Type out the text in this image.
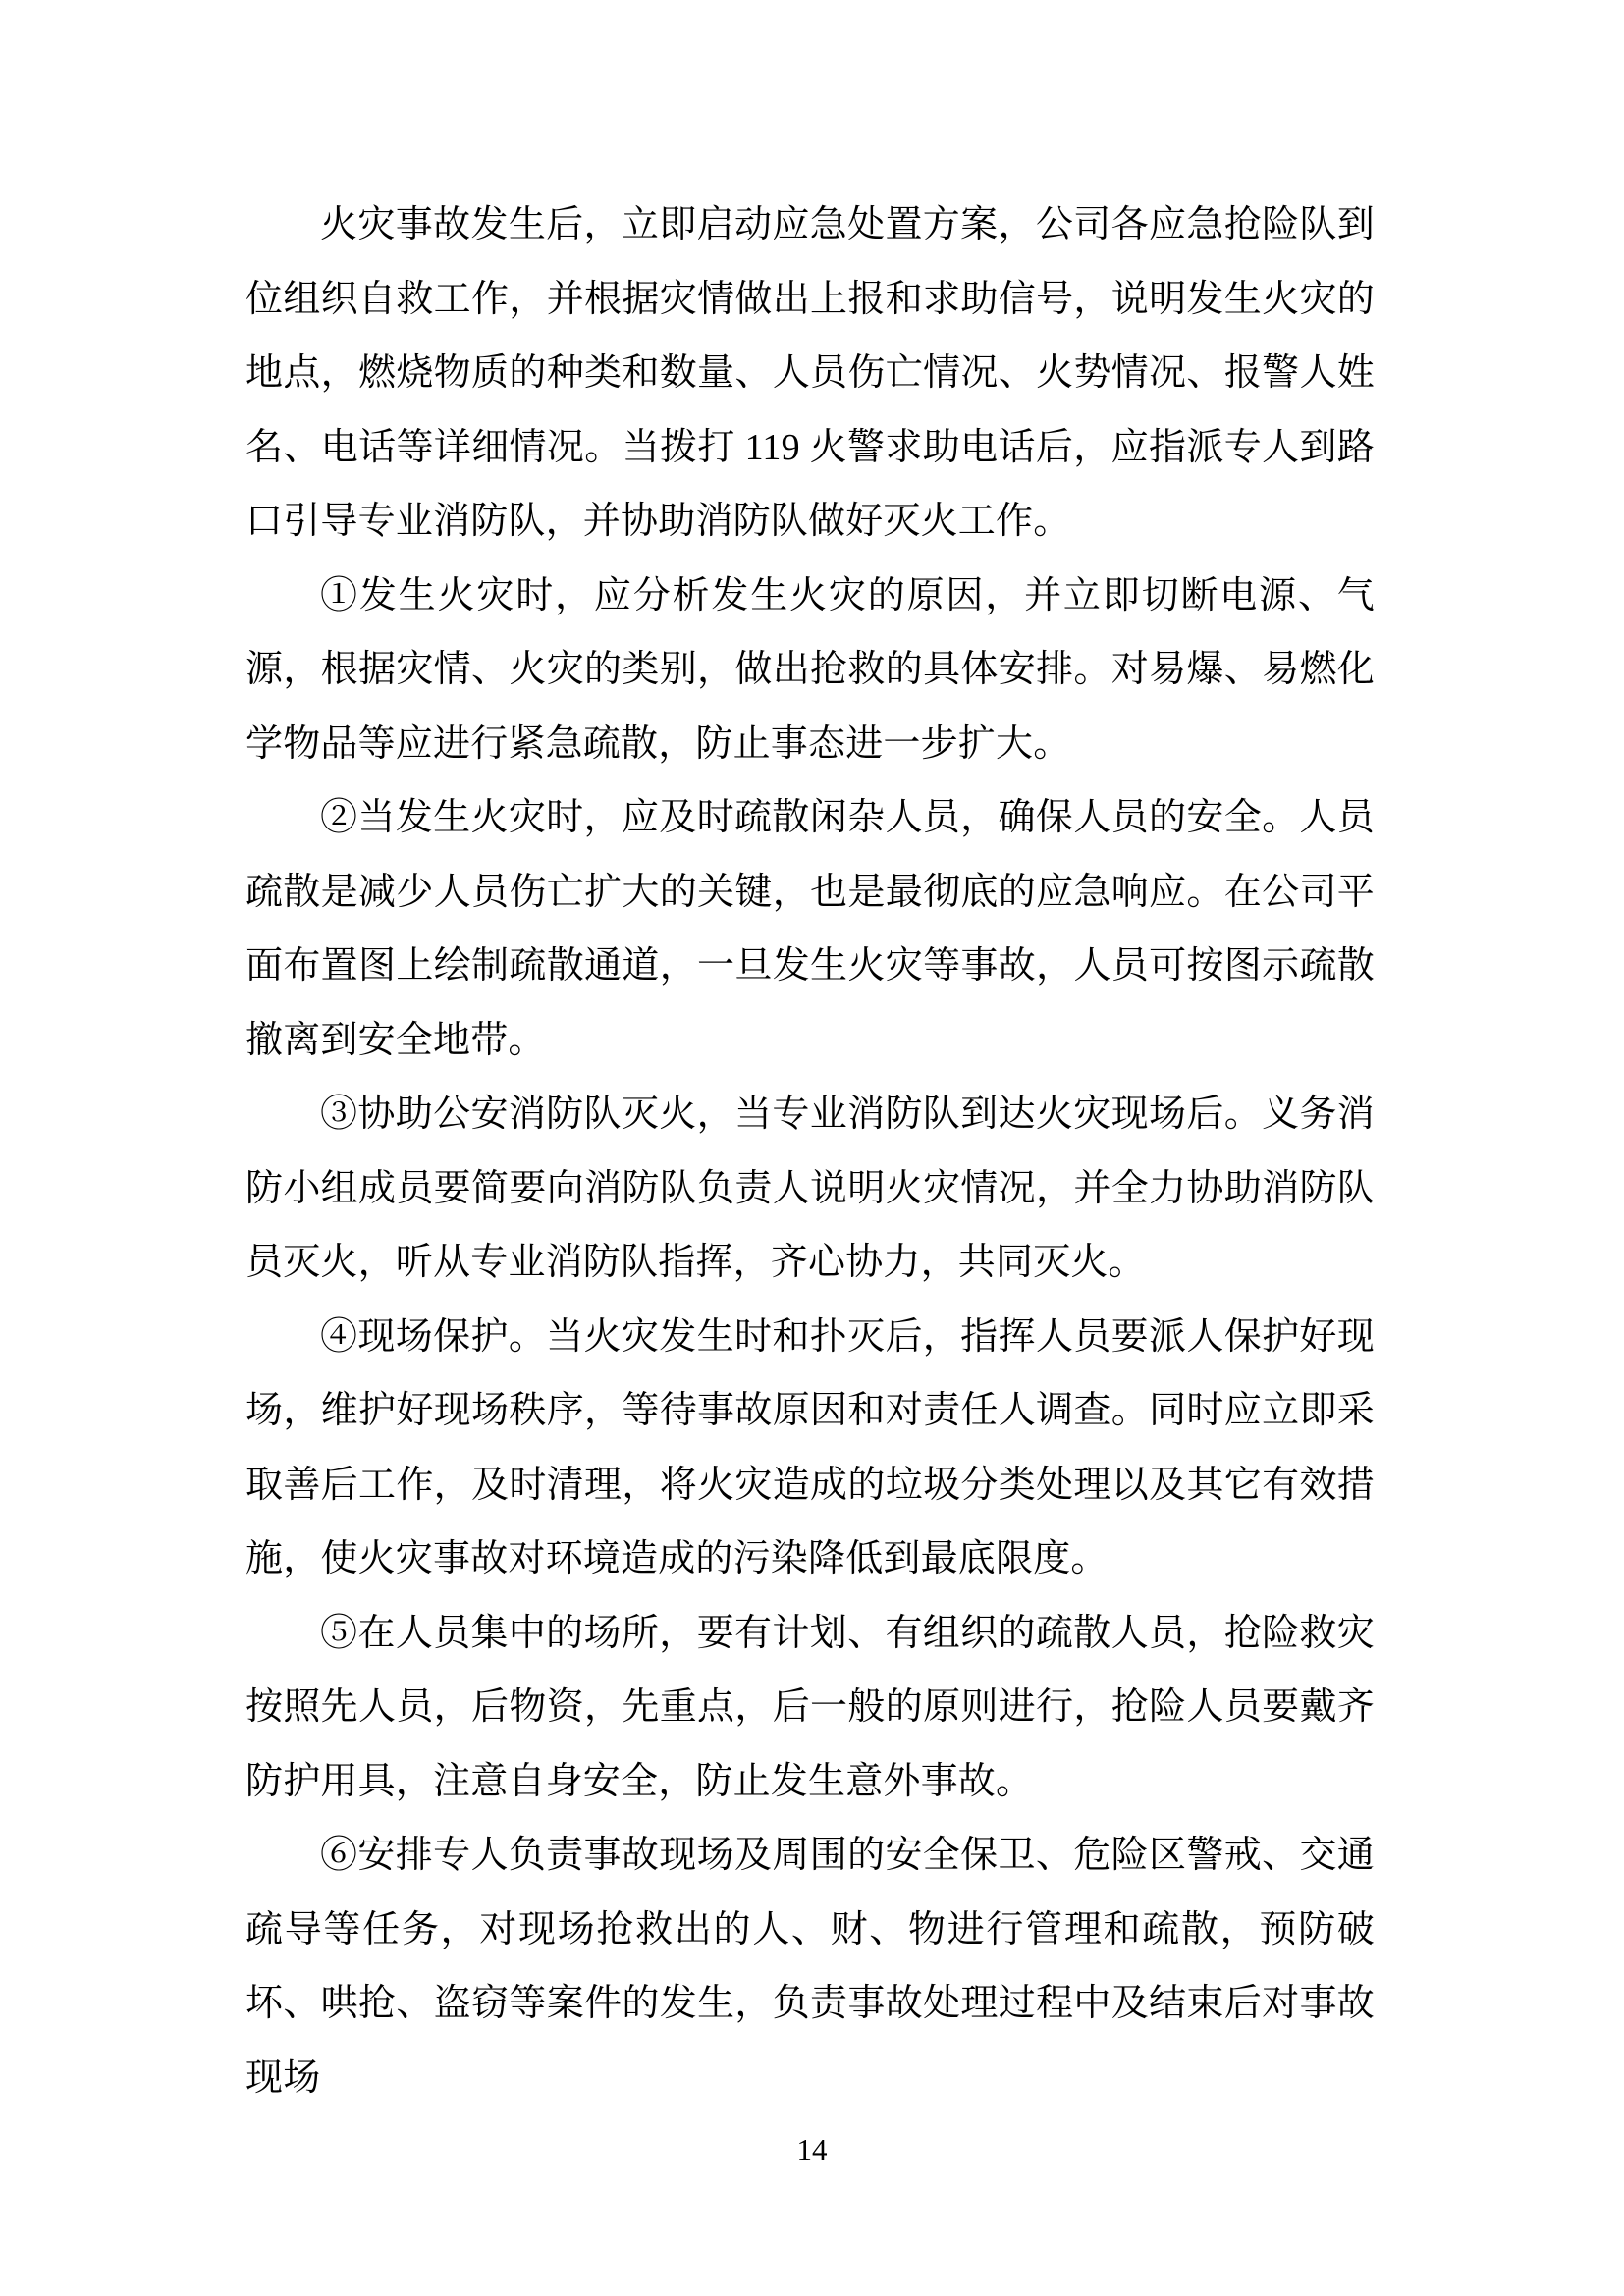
火灾事故发生后，立即启动应急处置方案，公司各应急抢险队到位组织自救工作，并根据灾情做出上报和求助信号，说明发生火灾的地点，燃烧物质的种类和数量、人员伤亡情况、火势情况、报警人姓名、电话等详细情况。当拨打 119 火警求助电话后，应指派专人到路口引导专业消防队，并协助消防队做好灭火工作。

①发生火灾时，应分析发生火灾的原因，并立即切断电源、气源，根据灾情、火灾的类别，做出抢救的具体安排。对易爆、易燃化学物品等应进行紧急疏散，防止事态进一步扩大。

②当发生火灾时，应及时疏散闲杂人员，确保人员的安全。人员疏散是减少人员伤亡扩大的关键，也是最彻底的应急响应。在公司平面布置图上绘制疏散通道，一旦发生火灾等事故，人员可按图示疏散撤离到安全地带。

③协助公安消防队灭火，当专业消防队到达火灾现场后。义务消防小组成员要简要向消防队负责人说明火灾情况，并全力协助消防队员灭火，听从专业消防队指挥，齐心协力，共同灭火。

④现场保护。当火灾发生时和扑灭后，指挥人员要派人保护好现场，维护好现场秩序，等待事故原因和对责任人调查。同时应立即采取善后工作，及时清理，将火灾造成的垃圾分类处理以及其它有效措施，使火灾事故对环境造成的污染降低到最底限度。

⑤在人员集中的场所，要有计划、有组织的疏散人员，抢险救灾按照先人员，后物资，先重点，后一般的原则进行，抢险人员要戴齐防护用具，注意自身安全，防止发生意外事故。

⑥安排专人负责事故现场及周围的安全保卫、危险区警戒、交通疏导等任务，对现场抢救出的人、财、物进行管理和疏散，预防破坏、哄抢、盗窃等案件的发生，负责事故处理过程中及结束后对事故现场

14
